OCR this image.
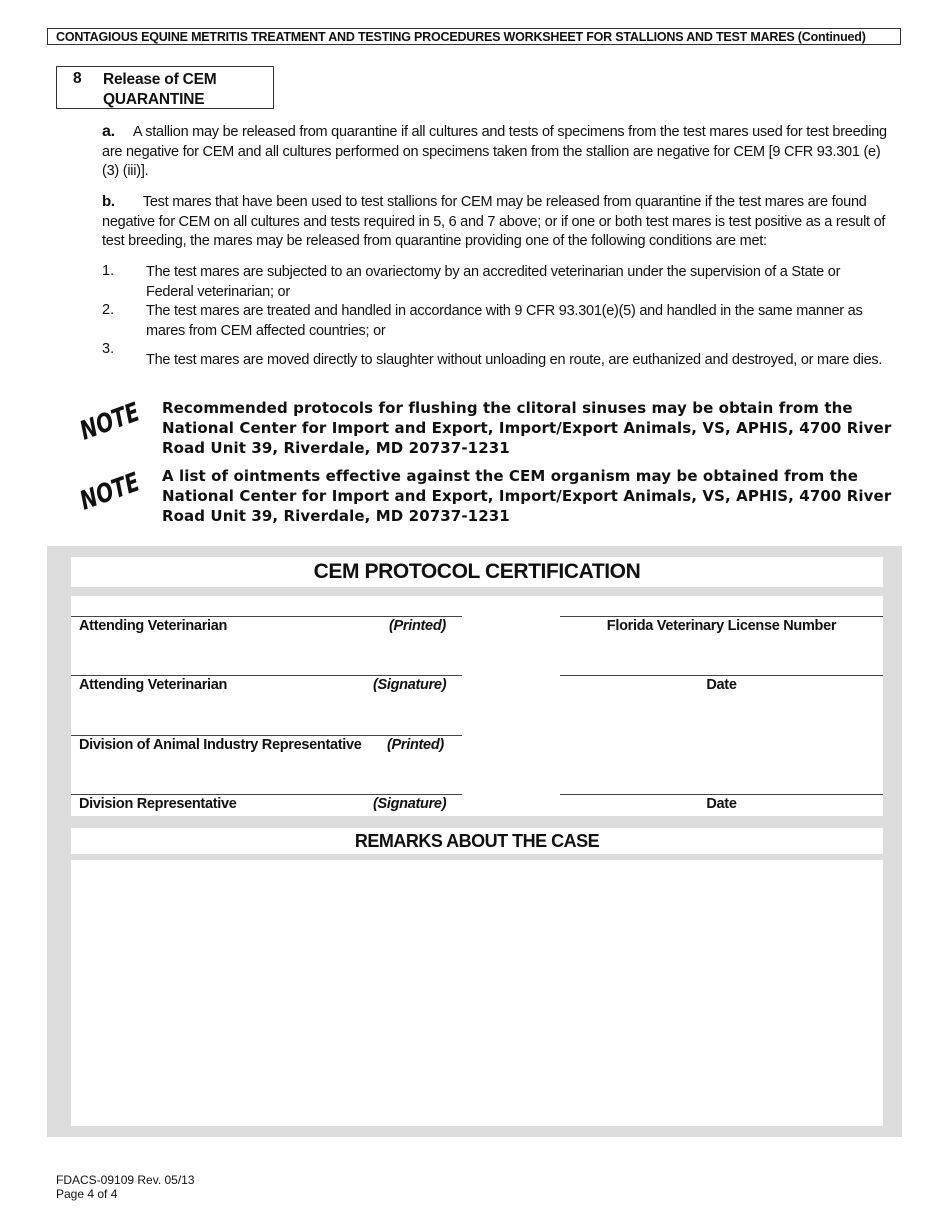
CONTAGIOUS EQUINE METRITIS TREATMENT AND TESTING PROCEDURES WORKSHEET FOR STALLIONS AND TEST MARES (Continued)
8 Release of CEM
QUARANTINE
a. A stallion may be released from quarantine if all cultures and tests of specimens from the test mares used for test breeding are negative for CEM and all cultures performed on specimens taken from the stallion are negative for CEM [9 CFR 93.301 (e)(3) (iii)].
b. Test mares that have been used to test stallions for CEM may be released from quarantine if the test mares are found negative for CEM on all cultures and tests required in 5, 6 and 7 above; or if one or both test mares is test positive as a result of test breeding, the mares may be released from quarantine providing one of the following conditions are met:
1. The test mares are subjected to an ovariectomy by an accredited veterinarian under the supervision of a State or Federal veterinarian; or
2. The test mares are treated and handled in accordance with 9 CFR 93.301(e)(5) and handled in the same manner as mares from CEM affected countries; or
3.
The test mares are moved directly to slaughter without unloading en route, are euthanized and destroyed, or mare dies.
NOTE Recommended protocols for flushing the clitoral sinuses may be obtain from the National Center for Import and Export, Import/Export Animals, VS, APHIS, 4700 River Road Unit 39, Riverdale, MD 20737-1231
NOTE A list of ointments effective against the CEM organism may be obtained from the National Center for Import and Export, Import/Export Animals, VS, APHIS, 4700 River Road Unit 39, Riverdale, MD 20737-1231
CEM PROTOCOL CERTIFICATION
Attending Veterinarian	(Printed)	Florida Veterinary License Number
Attending Veterinarian	(Signature)	Date
Division of Animal Industry Representative (Printed)
Division Representative	(Signature)	Date
REMARKS ABOUT THE CASE
FDACS-09109 Rev. 05/13
Page 4 of 4
